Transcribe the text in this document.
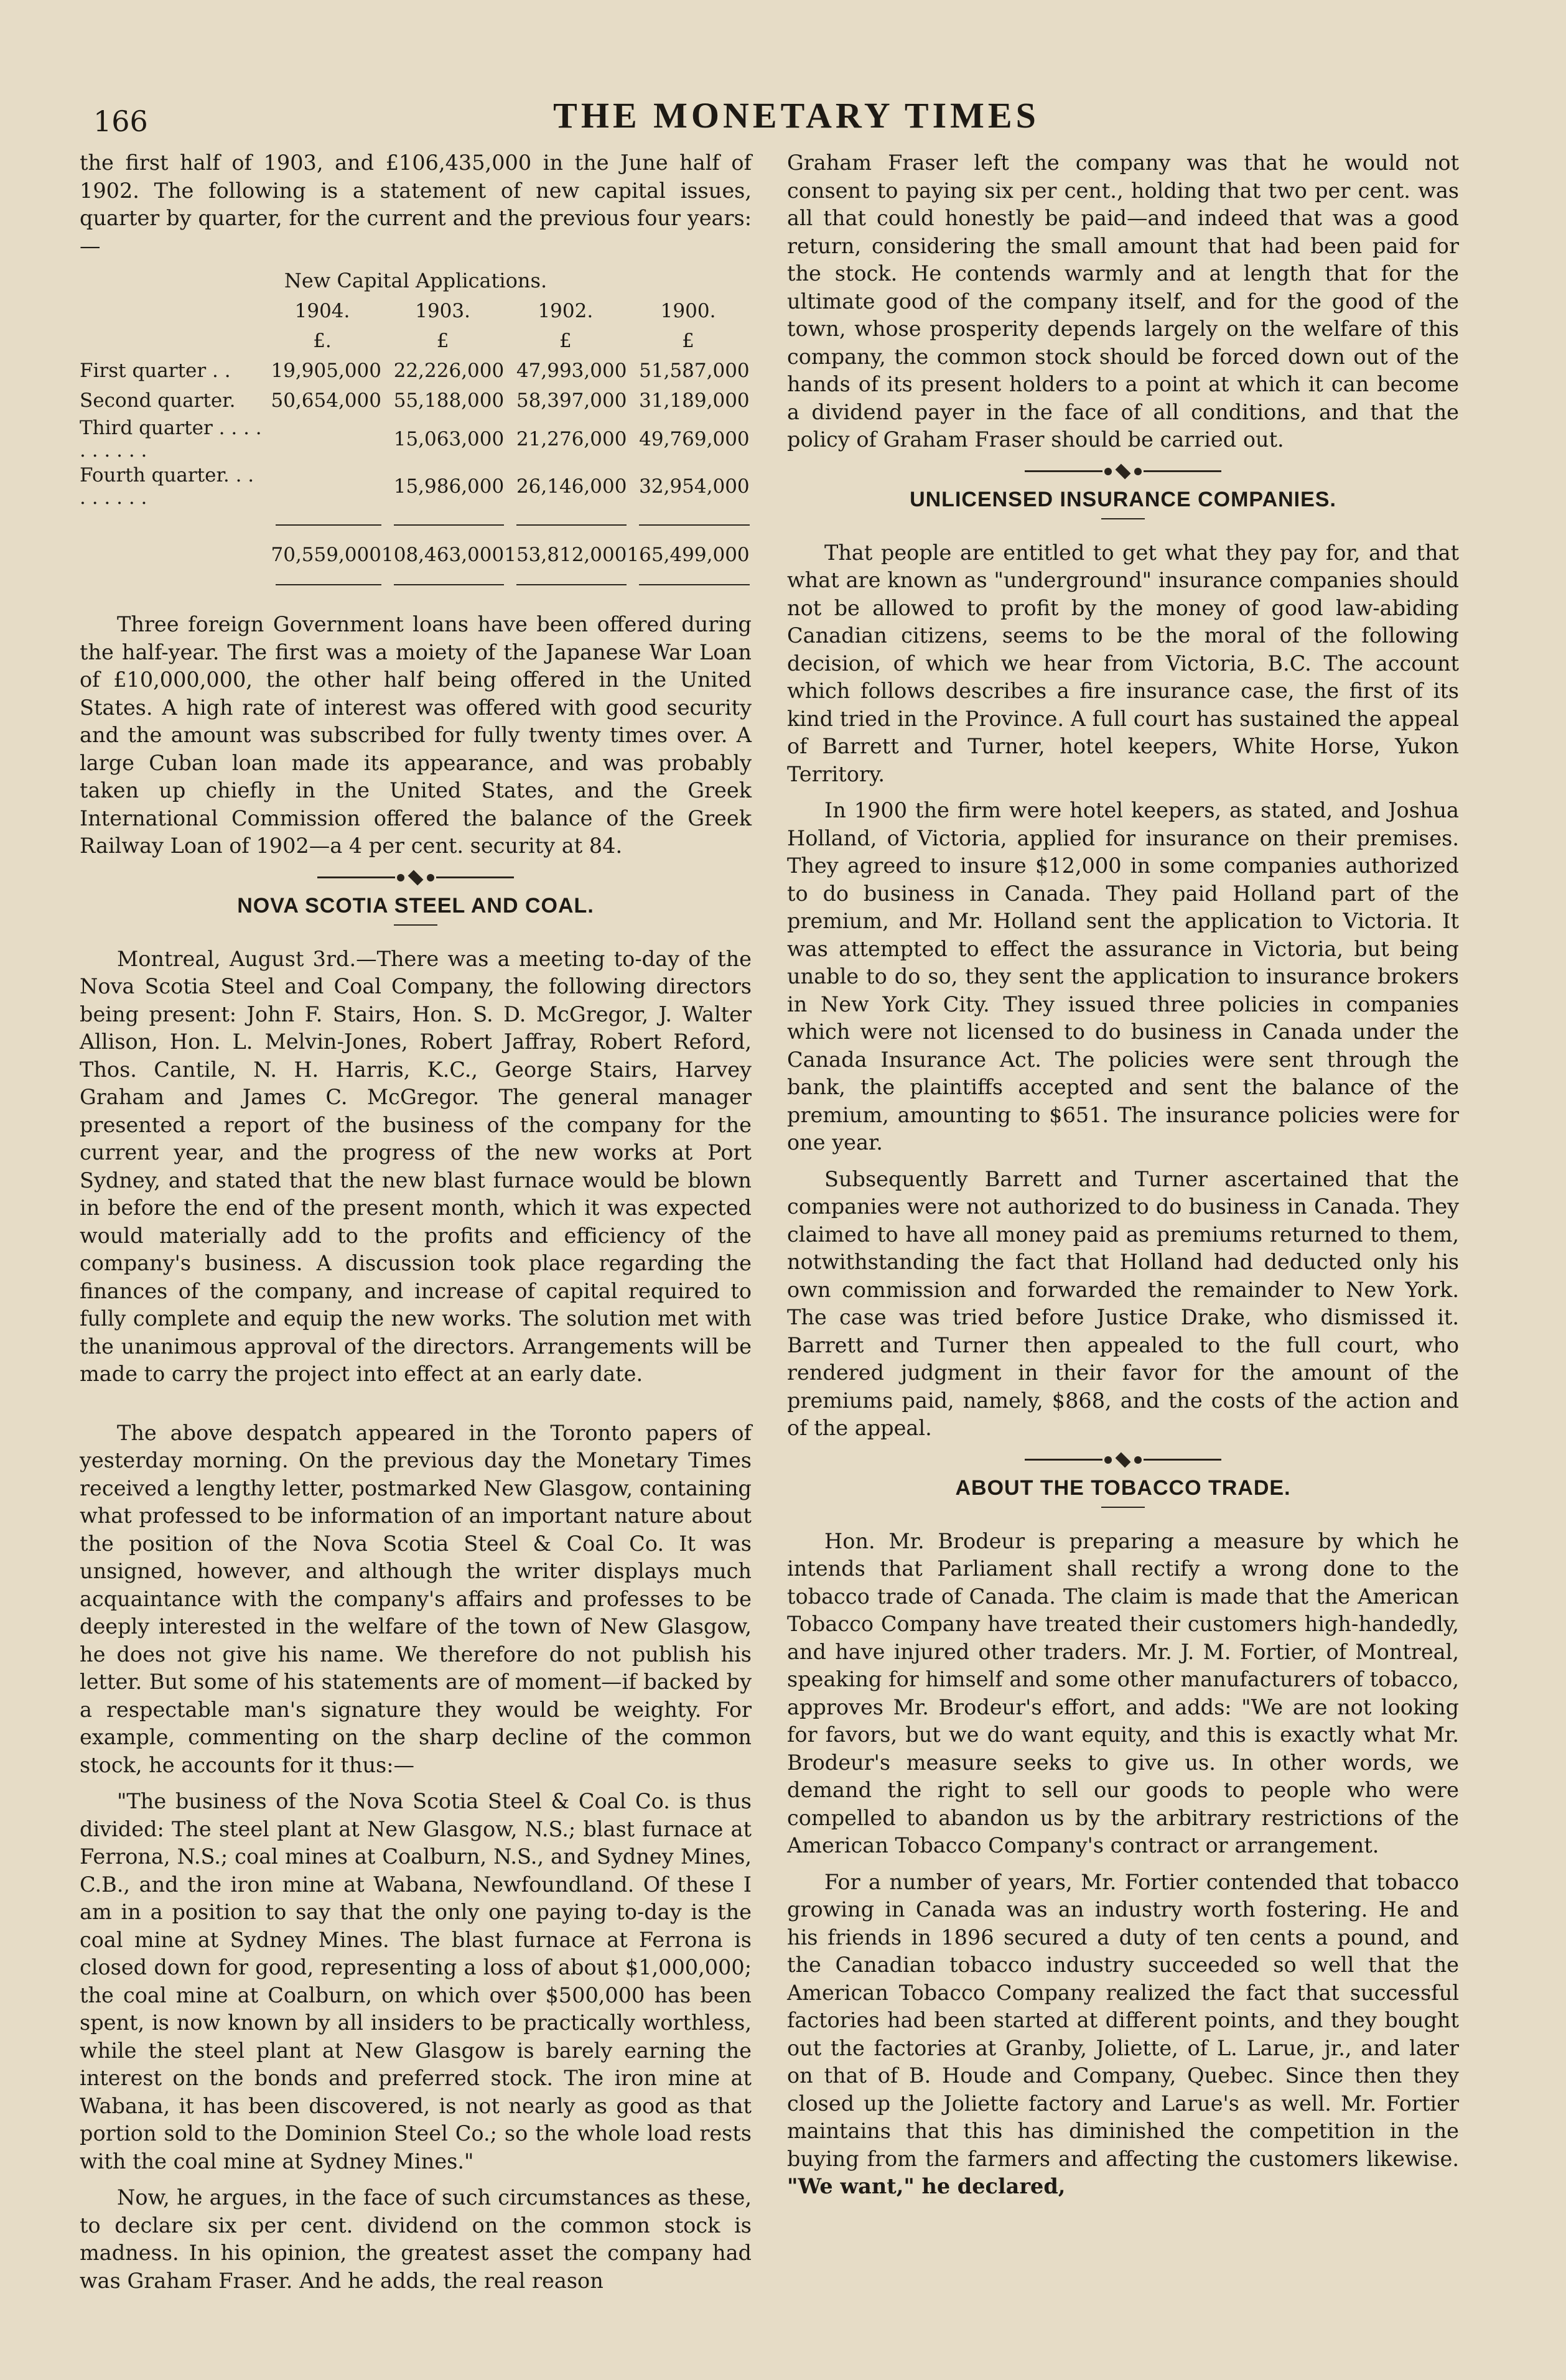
166	THE MONETARY TIMES

the first half of 1903, and £106,435,000 in the June half of 1902. The following is a statement of new capital issues, quarter by quarter, for the current and the previous four years:—

New Capital Applications.
	1904.	1903.	1902.	1900.
	£.	£	£	£
First quarter . .	19,905,000	22,226,000	47,993,000	51,587,000
Second quarter.	50,654,000	55,188,000	58,397,000	31,189,000
Third quarter . . . . . . . . . .		15,063,000	21,276,000	49,769,000
Fourth quarter. . . . . . . . .		15,986,000	26,146,000	32,954,000

	70,559,000	108,463,000	153,812,000	165,499,000

Three foreign Government loans have been offered during the half-year. The first was a moiety of the Japanese War Loan of £10,000,000, the other half being offered in the United States. A high rate of interest was offered with good security and the amount was subscribed for fully twenty times over. A large Cuban loan made its appearance, and was probably taken up chiefly in the United States, and the Greek International Commission offered the balance of the Greek Railway Loan of 1902—a 4 per cent. security at 84.

NOVA SCOTIA STEEL AND COAL.

Montreal, August 3rd.—There was a meeting to-day of the Nova Scotia Steel and Coal Company, the following directors being present: John F. Stairs, Hon. S. D. McGregor, J. Walter Allison, Hon. L. Melvin-Jones, Robert Jaffray, Robert Reford, Thos. Cantile, N. H. Harris, K.C., George Stairs, Harvey Graham and James C. McGregor. The general manager presented a report of the business of the company for the current year, and the progress of the new works at Port Sydney, and stated that the new blast furnace would be blown in before the end of the present month, which it was expected would materially add to the profits and efficiency of the company's business. A discussion took place regarding the finances of the company, and increase of capital required to fully complete and equip the new works. The solution met with the unanimous approval of the directors. Arrangements will be made to carry the project into effect at an early date.

The above despatch appeared in the Toronto papers of yesterday morning. On the previous day the Monetary Times received a lengthy letter, postmarked New Glasgow, containing what professed to be information of an important nature about the position of the Nova Scotia Steel & Coal Co. It was unsigned, however, and although the writer displays much acquaintance with the company's affairs and professes to be deeply interested in the welfare of the town of New Glasgow, he does not give his name. We therefore do not publish his letter. But some of his statements are of moment—if backed by a respectable man's signature they would be weighty. For example, commenting on the sharp decline of the common stock, he accounts for it thus:—

"The business of the Nova Scotia Steel & Coal Co. is thus divided: The steel plant at New Glasgow, N.S.; blast furnace at Ferrona, N.S.; coal mines at Coalburn, N.S., and Sydney Mines, C.B., and the iron mine at Wabana, Newfoundland. Of these I am in a position to say that the only one paying to-day is the coal mine at Sydney Mines. The blast furnace at Ferrona is closed down for good, representing a loss of about $1,000,000; the coal mine at Coalburn, on which over $500,000 has been spent, is now known by all insiders to be practically worthless, while the steel plant at New Glasgow is barely earning the interest on the bonds and preferred stock. The iron mine at Wabana, it has been discovered, is not nearly as good as that portion sold to the Dominion Steel Co.; so the whole load rests with the coal mine at Sydney Mines."

Now, he argues, in the face of such circumstances as these, to declare six per cent. dividend on the common stock is madness. In his opinion, the greatest asset the company had was Graham Fraser. And he adds, the real reason

Graham Fraser left the company was that he would not consent to paying six per cent., holding that two per cent. was all that could honestly be paid—and indeed that was a good return, considering the small amount that had been paid for the stock. He contends warmly and at length that for the ultimate good of the company itself, and for the good of the town, whose prosperity depends largely on the welfare of this company, the common stock should be forced down out of the hands of its present holders to a point at which it can become a dividend payer in the face of all conditions, and that the policy of Graham Fraser should be carried out.

UNLICENSED INSURANCE COMPANIES.

That people are entitled to get what they pay for, and that what are known as "underground" insurance companies should not be allowed to profit by the money of good law-abiding Canadian citizens, seems to be the moral of the following decision, of which we hear from Victoria, B.C. The account which follows describes a fire insurance case, the first of its kind tried in the Province. A full court has sustained the appeal of Barrett and Turner, hotel keepers, White Horse, Yukon Territory.

In 1900 the firm were hotel keepers, as stated, and Joshua Holland, of Victoria, applied for insurance on their premises. They agreed to insure $12,000 in some companies authorized to do business in Canada. They paid Holland part of the premium, and Mr. Holland sent the application to Victoria. It was attempted to effect the assurance in Victoria, but being unable to do so, they sent the application to insurance brokers in New York City. They issued three policies in companies which were not licensed to do business in Canada under the Canada Insurance Act. The policies were sent through the bank, the plaintiffs accepted and sent the balance of the premium, amounting to $651. The insurance policies were for one year.

Subsequently Barrett and Turner ascertained that the companies were not authorized to do business in Canada. They claimed to have all money paid as premiums returned to them, notwithstanding the fact that Holland had deducted only his own commission and forwarded the remainder to New York. The case was tried before Justice Drake, who dismissed it. Barrett and Turner then appealed to the full court, who rendered judgment in their favor for the amount of the premiums paid, namely, $868, and the costs of the action and of the appeal.

ABOUT THE TOBACCO TRADE.

Hon. Mr. Brodeur is preparing a measure by which he intends that Parliament shall rectify a wrong done to the tobacco trade of Canada. The claim is made that the American Tobacco Company have treated their customers high-handedly, and have injured other traders. Mr. J. M. Fortier, of Montreal, speaking for himself and some other manufacturers of tobacco, approves Mr. Brodeur's effort, and adds: "We are not looking for favors, but we do want equity, and this is exactly what Mr. Brodeur's measure seeks to give us. In other words, we demand the right to sell our goods to people who were compelled to abandon us by the arbitrary restrictions of the American Tobacco Company's contract or arrangement.

For a number of years, Mr. Fortier contended that tobacco growing in Canada was an industry worth fostering. He and his friends in 1896 secured a duty of ten cents a pound, and the Canadian tobacco industry succeeded so well that the American Tobacco Company realized the fact that successful factories had been started at different points, and they bought out the factories at Granby, Joliette, of L. Larue, jr., and later on that of B. Houde and Company, Quebec. Since then they closed up the Joliette factory and Larue's as well. Mr. Fortier maintains that this has diminished the competition in the buying from the farmers and affecting the customers likewise. "We want," he declared,
